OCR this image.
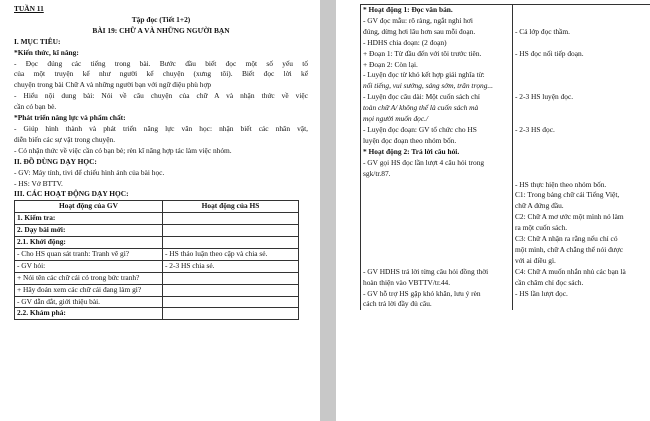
TUẦN 11
Tập đọc (Tiết 1+2)
BÀI 19: CHỮ A VÀ NHỮNG NGƯỜI BẠN
I. MỤC TIÊU:
*Kiến thức, kĩ năng:
- Đọc đúng các tiếng trong bài. Bước đầu biết đọc một số yếu tố
của một truyện kể như người kể chuyện (xưng tôi). Biết đọc lời kể
chuyện trong bài Chữ A và những người bạn với ngữ điệu phù hợp
- Hiểu nội dung bài: Nói về câu chuyện của chữ A và nhận thức về việc
cần có bạn bè.
*Phát triển năng lực và phẩm chất:
- Giúp hình thành và phát triển năng lực văn học: nhận biết các nhân vật,
diễn biến các sự vật trong chuyện.
- Có nhận thức về việc cần có bạn bè; rèn kĩ năng hợp tác làm việc nhóm.
II. ĐỒ DÙNG DẠY HỌC:
- GV: Máy tính, tivi để chiếu hình ảnh của bài học.
- HS: Vở BTTV.
III. CÁC HOẠT ĐỘNG DẠY HỌC:
Hoạt động của GV	Hoạt động của HS
1. Kiểm tra:	
2. Dạy bài mới:	
2.1. Khởi động:	
- Cho HS quan sát tranh: Tranh vẽ gì?	- HS thảo luận theo cặp và chia sẻ.
- GV hỏi:	- 2-3 HS chia sẻ.
+ Nói tên các chữ cái có trong bức tranh?	
+ Hãy đoán xem các chữ cái đang làm gì?	
- GV dẫn dắt, giới thiệu bài.	
2.2. Khám phá:	
* Hoạt động 1: Đọc văn bản.	
- GV đọc mẫu: rõ ràng, ngắt nghỉ hơi	
đúng, dừng hơi lâu hơn sau mỗi đoạn.	- Cả lớp đọc thầm.
- HDHS chia đoạn: (2 đoạn)	
+ Đoạn 1: Từ đầu đến với tôi trước tiên.	- HS đọc nối tiếp đoạn.
+ Đoạn 2: Còn lại.	
- Luyện đọc từ khó kết hợp giải nghĩa từ:	
nổi tiếng, vui sướng, sáng sớm, trân trọng...	
- Luyện đọc câu dài: Một cuốn sách chỉ	- 2-3 HS luyện đọc.
toàn chữ A/ không thể là cuốn sách mà	
mọi người muốn đọc./	
- Luyện đọc đoạn: GV tổ chức cho HS	- 2-3 HS đọc.
luyện đọc đoạn theo nhóm bốn.	
* Hoạt động 2: Trả lời câu hỏi.	
- GV gọi HS đọc lần lượt 4 câu hỏi trong	
sgk/tr.87.	

	- HS thực hiện theo nhóm bốn.
	C1: Trong bảng chữ cái Tiếng Việt,
	chữ A đứng đầu.
	C2: Chữ A mơ ước một mình nó làm
	ra một cuốn sách.
	C3: Chữ A nhận ra rằng nếu chỉ có
	một mình, chữ A chẳng thể nói được
	với ai điều gì.
- GV HDHS trả lời từng câu hỏi đồng thời	C4: Chữ A muốn nhắn nhủ các bạn là
hoàn thiện vào VBTTV/tr.44.	cần chăm chỉ đọc sách.
- GV hỗ trợ HS gặp khó khăn, lưu ý rèn	- HS lần lượt đọc.
cách trả lời đầy đủ câu.	
